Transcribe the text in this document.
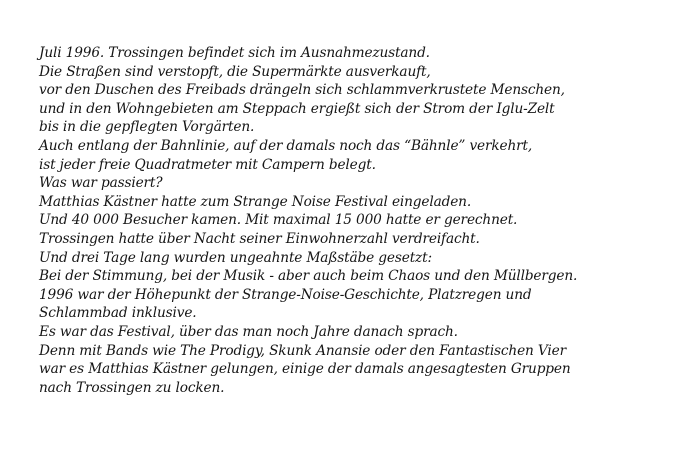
Juli 1996. Trossingen befindet sich im Ausnahmezustand.
Die Straßen sind verstopft, die Supermärkte ausverkauft,
vor den Duschen des Freibads drängeln sich schlammverkrustete Menschen,
und in den Wohngebieten am Steppach ergießt sich der Strom der Iglu-Zelt
bis in die gepflegten Vorgärten.
Auch entlang der Bahnlinie, auf der damals noch das “Bähnle” verkehrt,
ist jeder freie Quadratmeter mit Campern belegt.
Was war passiert?
Matthias Kästner hatte zum Strange Noise Festival eingeladen.
Und 40 000 Besucher kamen. Mit maximal 15 000 hatte er gerechnet.
Trossingen hatte über Nacht seiner Einwohnerzahl verdreifacht.
Und drei Tage lang wurden ungeahnte Maßstäbe gesetzt:
Bei der Stimmung, bei der Musik - aber auch beim Chaos und den Müllbergen.
1996 war der Höhepunkt der Strange-Noise-Geschichte, Platzregen und
Schlammbad inklusive.
Es war das Festival, über das man noch Jahre danach sprach.
Denn mit Bands wie The Prodigy, Skunk Anansie oder den Fantastischen Vier
war es Matthias Kästner gelungen, einige der damals angesagtesten Gruppen
nach Trossingen zu locken.
